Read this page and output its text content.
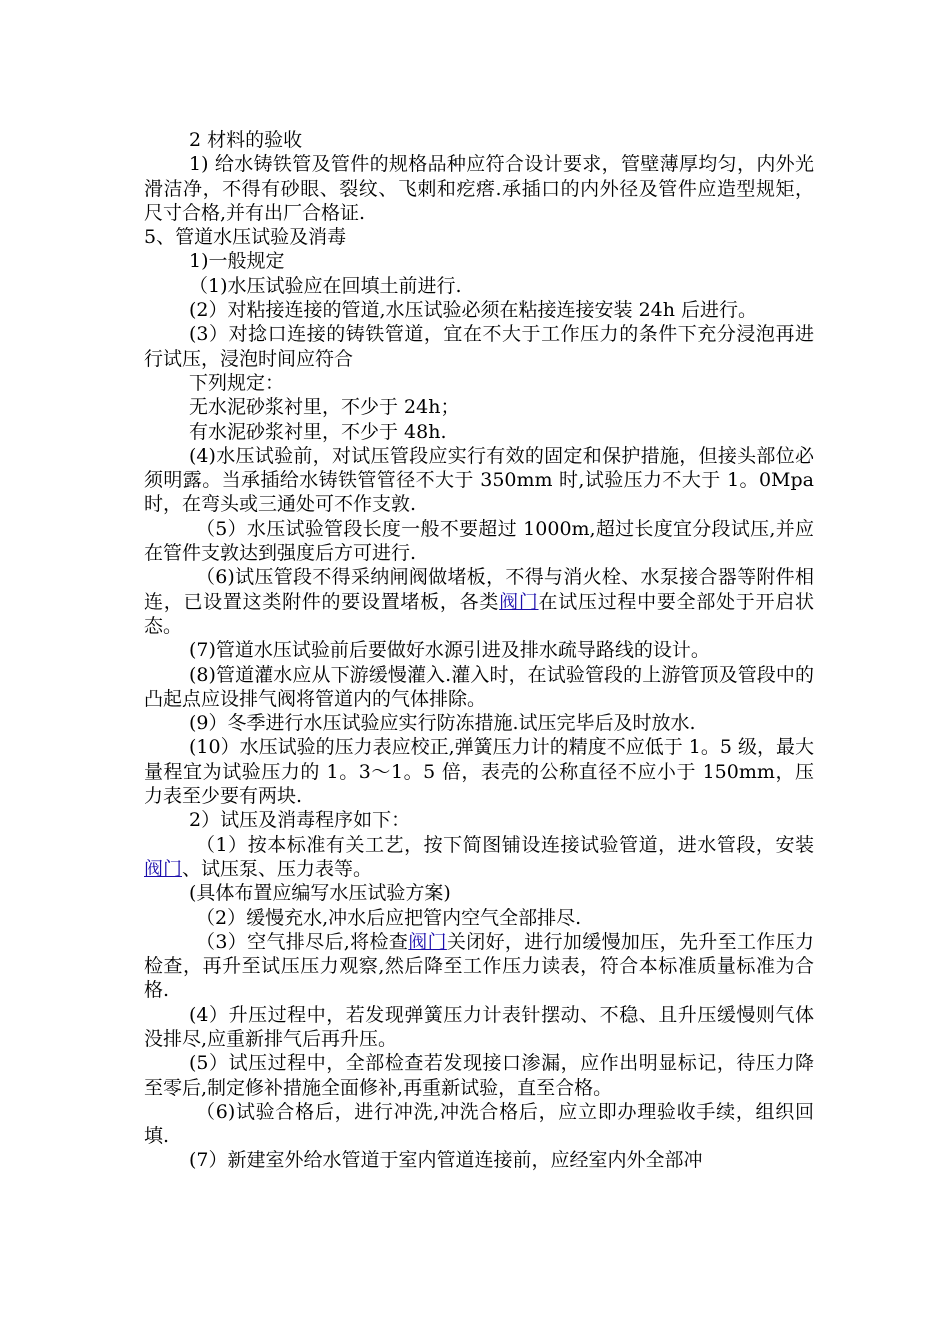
2 材料的验收

1) 给水铸铁管及管件的规格品种应符合设计要求，管壁薄厚均匀，内外光滑洁净，不得有砂眼、裂纹、飞刺和疙瘩.承插口的内外径及管件应造型规矩，尺寸合格,并有出厂合格证.

5、管道水压试验及消毒

1)一般规定

（1)水压试验应在回填土前进行.

(2）对粘接连接的管道,水压试验必须在粘接连接安装 24h 后进行。

(3）对捻口连接的铸铁管道，宜在不大于工作压力的条件下充分浸泡再进行试压，浸泡时间应符合

下列规定：

无水泥砂浆衬里，不少于 24h；

有水泥砂浆衬里，不少于 48h.

(4)水压试验前，对试压管段应实行有效的固定和保护措施，但接头部位必须明露。当承插给水铸铁管管径不大于 350mm 时,试验压力不大于 1。0Mpa 时，在弯头或三通处可不作支敦.

（5）水压试验管段长度一般不要超过 1000m,超过长度宜分段试压,并应在管件支敦达到强度后方可进行.

（6)试压管段不得采纳闸阀做堵板，不得与消火栓、水泵接合器等附件相连，已设置这类附件的要设置堵板，各类阀门在试压过程中要全部处于开启状态。

(7)管道水压试验前后要做好水源引进及排水疏导路线的设计。

(8)管道灌水应从下游缓慢灌入.灌入时，在试验管段的上游管顶及管段中的凸起点应设排气阀将管道内的气体排除。

(9）冬季进行水压试验应实行防冻措施.试压完毕后及时放水.

(10）水压试验的压力表应校正,弹簧压力计的精度不应低于 1。5 级，最大量程宜为试验压力的 1。3～1。5 倍，表壳的公称直径不应小于 150mm，压力表至少要有两块.

2）试压及消毒程序如下：

（1）按本标准有关工艺，按下简图铺设连接试验管道，进水管段，安装阀门、试压泵、压力表等。

(具体布置应编写水压试验方案)

（2）缓慢充水,冲水后应把管内空气全部排尽.

（3）空气排尽后,将检查阀门关闭好，进行加缓慢加压，先升至工作压力检查，再升至试压压力观察,然后降至工作压力读表，符合本标准质量标准为合格.

(4）升压过程中，若发现弹簧压力计表针摆动、不稳、且升压缓慢则气体没排尽,应重新排气后再升压。

(5）试压过程中，全部检查若发现接口渗漏，应作出明显标记，待压力降至零后,制定修补措施全面修补,再重新试验，直至合格。

（6)试验合格后，进行冲洗,冲洗合格后，应立即办理验收手续，组织回填.

(7）新建室外给水管道于室内管道连接前，应经室内外全部冲
